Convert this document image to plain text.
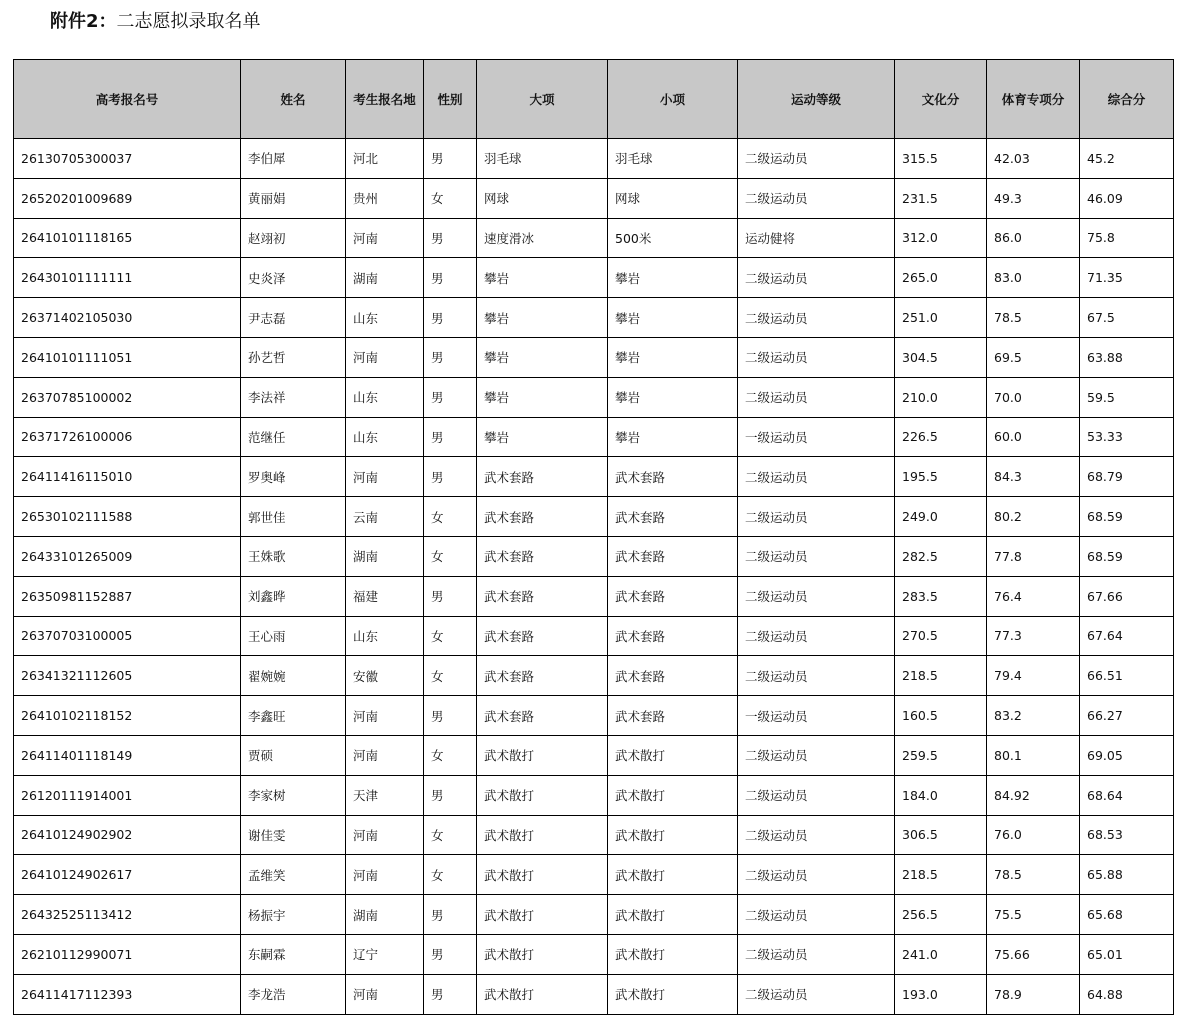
附件2：二志愿拟录取名单
高考报名号	姓名	考生报名地	性别	大项	小项	运动等级	文化分	体育专项分	综合分
26130705300037	李伯犀	河北	男	羽毛球	羽毛球	二级运动员	315.5	42.03	45.2
26520201009689	黄丽娟	贵州	女	网球	网球	二级运动员	231.5	49.3	46.09
26410101118165	赵翊初	河南	男	速度滑冰	500米	运动健将	312.0	86.0	75.8
26430101111111	史炎泽	湖南	男	攀岩	攀岩	二级运动员	265.0	83.0	71.35
26371402105030	尹志磊	山东	男	攀岩	攀岩	二级运动员	251.0	78.5	67.5
26410101111051	孙艺哲	河南	男	攀岩	攀岩	二级运动员	304.5	69.5	63.88
26370785100002	李法祥	山东	男	攀岩	攀岩	二级运动员	210.0	70.0	59.5
26371726100006	范继任	山东	男	攀岩	攀岩	一级运动员	226.5	60.0	53.33
26411416115010	罗奥峰	河南	男	武术套路	武术套路	二级运动员	195.5	84.3	68.79
26530102111588	郭世佳	云南	女	武术套路	武术套路	二级运动员	249.0	80.2	68.59
26433101265009	王姝歌	湖南	女	武术套路	武术套路	二级运动员	282.5	77.8	68.59
26350981152887	刘鑫晔	福建	男	武术套路	武术套路	二级运动员	283.5	76.4	67.66
26370703100005	王心雨	山东	女	武术套路	武术套路	二级运动员	270.5	77.3	67.64
26341321112605	翟婉婉	安徽	女	武术套路	武术套路	二级运动员	218.5	79.4	66.51
26410102118152	李鑫旺	河南	男	武术套路	武术套路	一级运动员	160.5	83.2	66.27
26411401118149	贾硕	河南	女	武术散打	武术散打	二级运动员	259.5	80.1	69.05
26120111914001	李家树	天津	男	武术散打	武术散打	二级运动员	184.0	84.92	68.64
26410124902902	谢佳雯	河南	女	武术散打	武术散打	二级运动员	306.5	76.0	68.53
26410124902617	孟维笑	河南	女	武术散打	武术散打	二级运动员	218.5	78.5	65.88
26432525113412	杨振宇	湖南	男	武术散打	武术散打	二级运动员	256.5	75.5	65.68
26210112990071	东嗣霖	辽宁	男	武术散打	武术散打	二级运动员	241.0	75.66	65.01
26411417112393	李龙浩	河南	男	武术散打	武术散打	二级运动员	193.0	78.9	64.88
